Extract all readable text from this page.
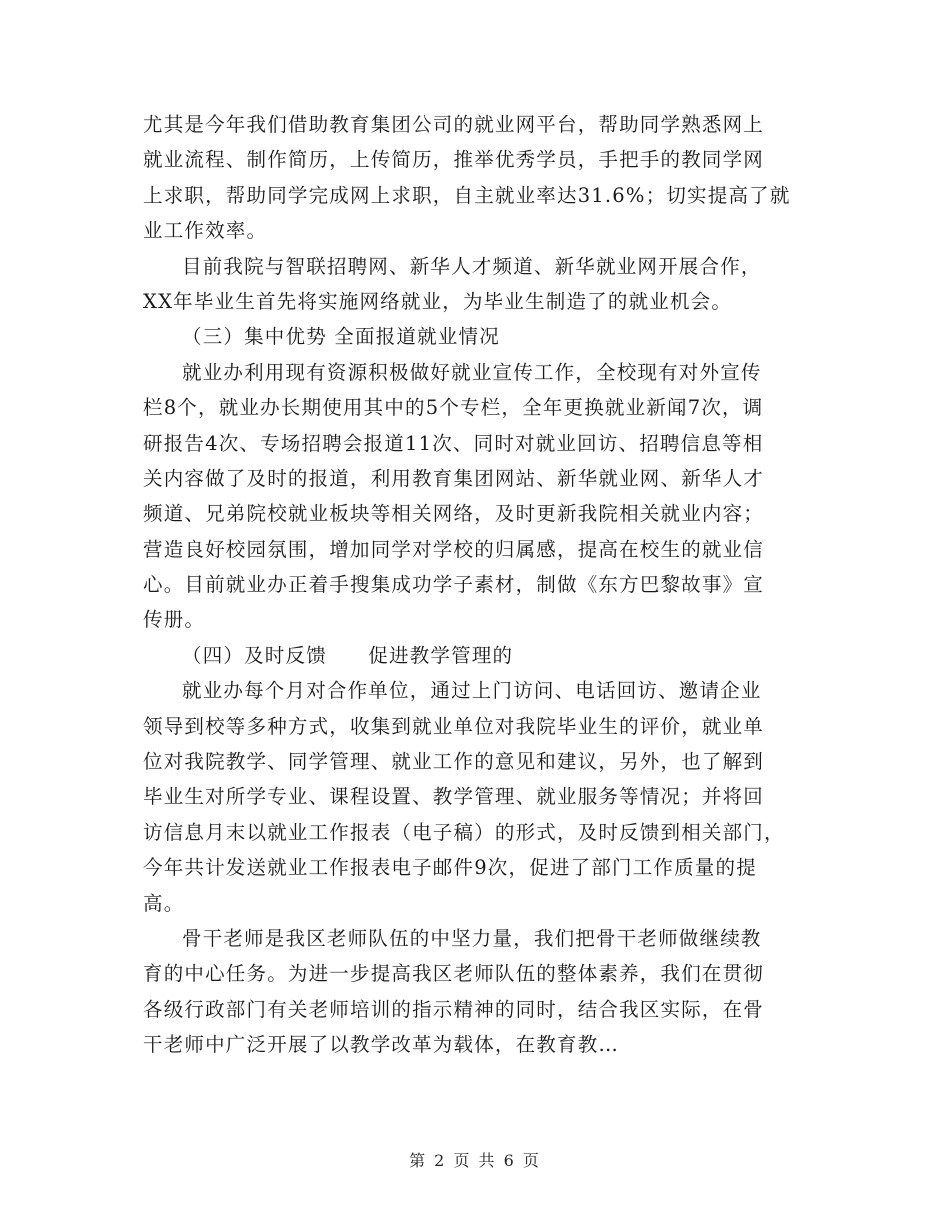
尤其是今年我们借助教育集团公司的就业网平台，帮助同学熟悉网上
就业流程、制作简历，上传简历，推举优秀学员，手把手的教同学网
上求职，帮助同学完成网上求职，自主就业率达31.6%；切实提高了就
业工作效率。
目前我院与智联招聘网、新华人才频道、新华就业网开展合作，
XX年毕业生首先将实施网络就业，为毕业生制造了的就业机会。
（三）集中优势 全面报道就业情况
就业办利用现有资源积极做好就业宣传工作，全校现有对外宣传
栏8个，就业办长期使用其中的5个专栏，全年更换就业新闻7次，调
研报告4次、专场招聘会报道11次、同时对就业回访、招聘信息等相
关内容做了及时的报道，利用教育集团网站、新华就业网、新华人才
频道、兄弟院校就业板块等相关网络，及时更新我院相关就业内容；
营造良好校园氛围，增加同学对学校的归属感，提高在校生的就业信
心。目前就业办正着手搜集成功学子素材，制做《东方巴黎故事》宣
传册。
（四）及时反馈　　促进教学管理的
就业办每个月对合作单位，通过上门访问、电话回访、邀请企业
领导到校等多种方式，收集到就业单位对我院毕业生的评价，就业单
位对我院教学、同学管理、就业工作的意见和建议，另外，也了解到
毕业生对所学专业、课程设置、教学管理、就业服务等情况；并将回
访信息月末以就业工作报表（电子稿）的形式，及时反馈到相关部门，
今年共计发送就业工作报表电子邮件9次，促进了部门工作质量的提
高。
骨干老师是我区老师队伍的中坚力量，我们把骨干老师做继续教
育的中心任务。为进一步提高我区老师队伍的整体素养，我们在贯彻
各级行政部门有关老师培训的指示精神的同时，结合我区实际，在骨
干老师中广泛开展了以教学改革为载体，在教育教…
第 2 页 共 6 页
